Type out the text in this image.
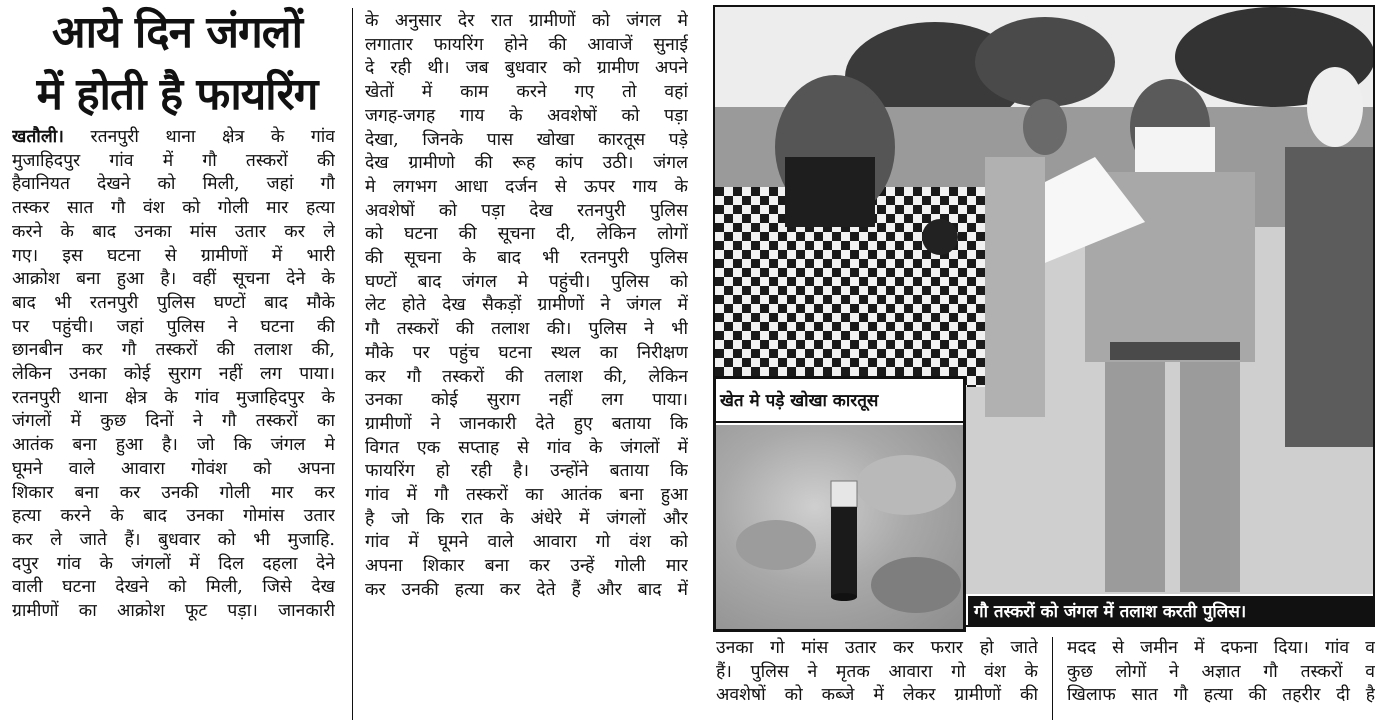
आये दिन जंगलों
में होती है फायरिंग
खतौली। रतनपुरी थाना क्षेत्र के गांव
मुजाहिदपुर गांव में गौ तस्करों की
हैवानियत देखने को मिली, जहां गौ
तस्कर सात गौ वंश को गोली मार हत्या
करने के बाद उनका मांस उतार कर ले
गए। इस घटना से ग्रामीणों में भारी
आक्रोश बना हुआ है। वहीं सूचना देने के
बाद भी रतनपुरी पुलिस घण्टों बाद मौके
पर पहुंची। जहां पुलिस ने घटना की
छानबीन कर गौ तस्करों की तलाश की,
लेकिन उनका कोई सुराग नहीं लग पाया।
रतनपुरी थाना क्षेत्र के गांव मुजाहिदपुर के
जंगलों में कुछ दिनों ने गौ तस्करों का
आतंक बना हुआ है। जो कि जंगल मे
घूमने वाले आवारा गोवंश को अपना
शिकार बना कर उनकी गोली मार कर
हत्या करने के बाद उनका गोमांस उतार
कर ले जाते हैं। बुधवार को भी मुजाहि.
दपुर गांव के जंगलों में दिल दहला देने
वाली घटना देखने को मिली, जिसे देख
ग्रामीणों का आक्रोश फूट पड़ा। जानकारी
के अनुसार देर रात ग्रामीणों को जंगल मे
लगातार फायरिंग होने की आवाजें सुनाई
दे रही थी। जब बुधवार को ग्रामीण अपने
खेतों में काम करने गए तो वहां
जगह-जगह गाय के अवशेषों को पड़ा
देखा, जिनके पास खोखा कारतूस पड़े
देख ग्रामीणो की रूह कांप उठी। जंगल
मे लगभग आधा दर्जन से ऊपर गाय के
अवशेषों को पड़ा देख रतनपुरी पुलिस
को घटना की सूचना दी, लेकिन लोगों
की सूचना के बाद भी रतनपुरी पुलिस
घण्टों बाद जंगल मे पहुंची। पुलिस को
लेट होते देख सैकड़ों ग्रामीणों ने जंगल में
गौ तस्करों की तलाश की। पुलिस ने भी
मौके पर पहुंच घटना स्थल का निरीक्षण
कर गौ तस्करों की तलाश की, लेकिन
उनका कोई सुराग नहीं लग पाया।
ग्रामीणों ने जानकारी देते हुए बताया कि
विगत एक सप्ताह से गांव के जंगलों में
फायरिंग हो रही है। उन्होंने बताया कि
गांव में गौ तस्करों का आतंक बना हुआ
है जो कि रात के अंधेरे में जंगलों और
गांव में घूमने वाले आवारा गो वंश को
अपना शिकार बना कर उन्हें गोली मार
कर उनकी हत्या कर देते हैं और बाद में
गौ तस्करों को जंगल में तलाश करती पुलिस।
खेत मे पड़े खोखा कारतूस
उनका गो मांस उतार कर फरार हो जाते
हैं। पुलिस ने मृतक आवारा गो वंश के
अवशेषों को कब्जे में लेकर ग्रामीणों की
मदद से जमीन में दफना दिया। गांव व
कुछ लोगों ने अज्ञात गौ तस्करों व
खिलाफ सात गौ हत्या की तहरीर दी है
